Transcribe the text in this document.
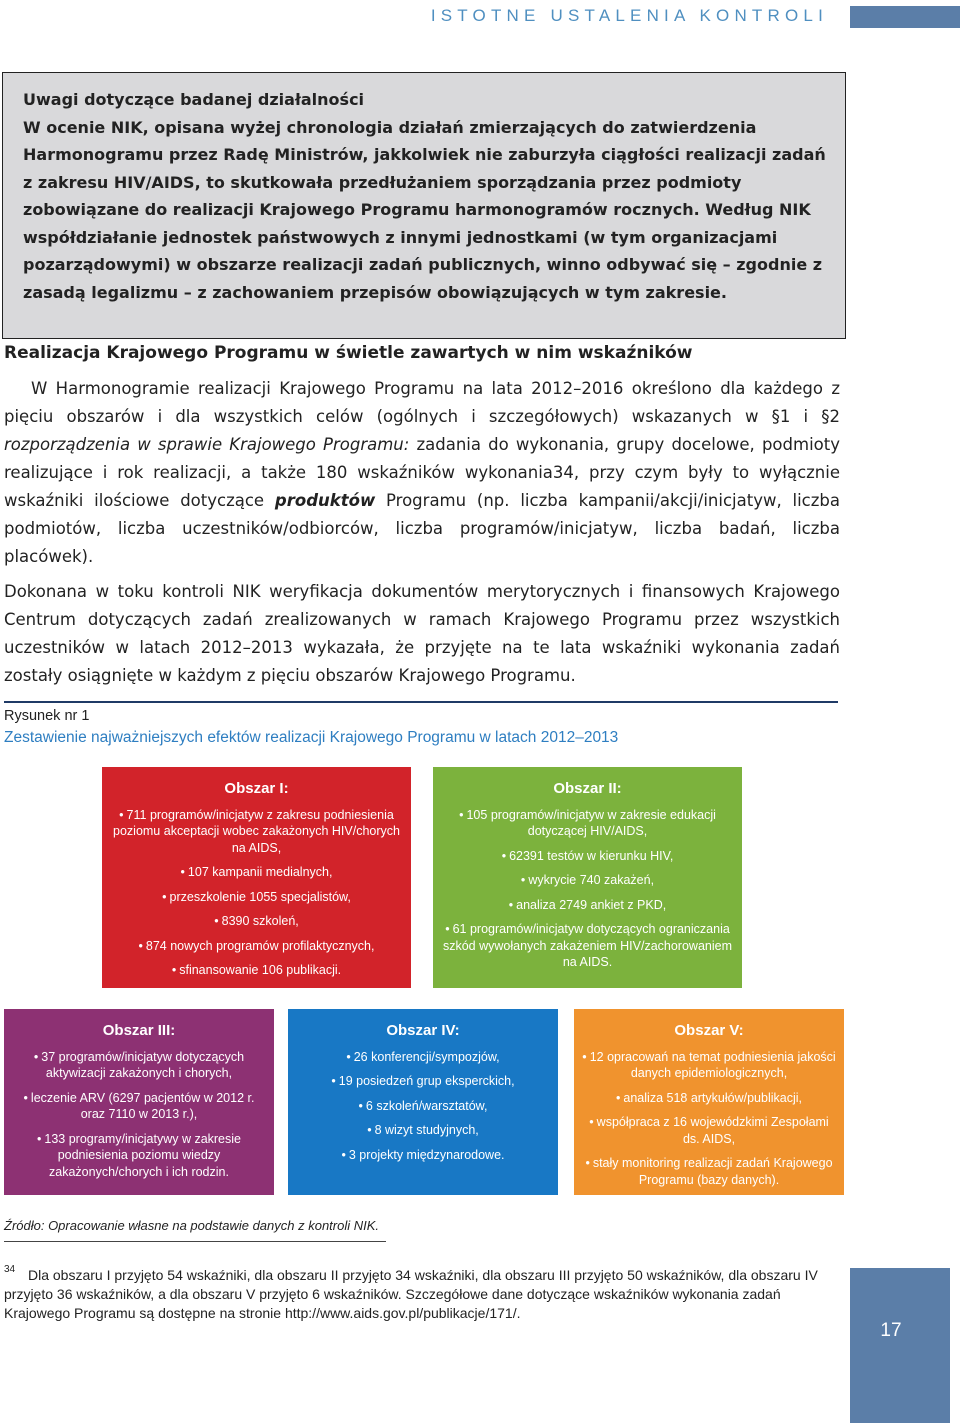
ISTOTNE USTALENIA KONTROLI

Uwagi dotyczące badanej działalności

W ocenie NIK, opisana wyżej chronologia działań zmierzających do zatwierdzenia Harmonogramu przez Radę Ministrów, jakkolwiek nie zaburzyła ciągłości realizacji zadań z zakresu HIV/AIDS, to skutkowała przedłużaniem sporządzania przez podmioty zobowiązane do realizacji Krajowego Programu harmonogramów rocznych. Według NIK współdziałanie jednostek państwowych z innymi jednostkami (w tym organizacjami pozarządowymi) w obszarze realizacji zadań publicznych, winno odbywać się – zgodnie z zasadą legalizmu – z zachowaniem przepisów obowiązujących w tym zakresie.

Realizacja Krajowego Programu w świetle zawartych w nim wskaźników
W Harmonogramie realizacji Krajowego Programu na lata 2012–2016 określono dla każdego z pięciu obszarów i dla wszystkich celów (ogólnych i szczegółowych) wskazanych w §1 i §2 rozporządzenia w sprawie Krajowego Programu: zadania do wykonania, grupy docelowe, podmioty realizujące i rok realizacji, a także 180 wskaźników wykonania34, przy czym były to wyłącznie wskaźniki ilościowe dotyczące produktów Programu (np. liczba kampanii/akcji/inicjatyw, liczba podmiotów, liczba uczestników/odbiorców, liczba programów/inicjatyw, liczba badań, liczba placówek).
Dokonana w toku kontroli NIK weryfikacja dokumentów merytorycznych i finansowych Krajowego Centrum dotyczących zadań zrealizowanych w ramach Krajowego Programu przez wszystkich uczestników w latach 2012–2013 wykazała, że przyjęte na te lata wskaźniki wykonania zadań zostały osiągnięte w każdym z pięciu obszarów Krajowego Programu.
Rysunek nr 1
Zestawienie najważniejszych efektów realizacji Krajowego Programu w latach 2012–2013
Obszar I:
• 711 programów/inicjatyw z zakresu podniesienia poziomu akceptacji wobec zakażonych HIV/chorych na AIDS,
• 107 kampanii medialnych,
• przeszkolenie 1055 specjalistów,
• 8390 szkoleń,
• 874 nowych programów profilaktycznych,
• sfinansowanie 106 publikacji.
Obszar II:
• 105 programów/inicjatyw w zakresie edukacji dotyczącej HIV/AIDS,
• 62391 testów w kierunku HIV,
• wykrycie 740 zakażeń,
• analiza 2749 ankiet z PKD,
• 61 programów/inicjatyw dotyczących ograniczania szkód wywołanych zakażeniem HIV/zachorowaniem na AIDS.
Obszar III:
• 37 programów/inicjatyw dotyczących aktywizacji zakażonych i chorych,
• leczenie ARV (6297 pacjentów w 2012 r. oraz 7110 w 2013 r.),
• 133 programy/inicjatywy w zakresie podniesienia poziomu wiedzy zakażonych/chorych i ich rodzin.
Obszar IV:
• 26 konferencji/sympozjów,
• 19 posiedzeń grup eksperckich,
• 6 szkoleń/warsztatów,
• 8 wizyt studyjnych,
• 3 projekty międzynarodowe.
Obszar V:
• 12 opracowań na temat podniesienia jakości danych epidemiologicznych,
• analiza 518 artykułów/publikacji,
• współpraca z 16 wojewódzkimi Zespołami ds. AIDS,
• stały monitoring realizacji zadań Krajowego Programu (bazy danych).
Źródło: Opracowanie własne na podstawie danych z kontroli NIK.
34 Dla obszaru I przyjęto 54 wskaźniki, dla obszaru II przyjęto 34 wskaźniki, dla obszaru III przyjęto 50 wskaźników, dla obszaru IV przyjęto 36 wskaźników, a dla obszaru V przyjęto 6 wskaźników. Szczegółowe dane dotyczące wskaźników wykonania zadań Krajowego Programu są dostępne na stronie http://www.aids.gov.pl/publikacje/171/.
17
